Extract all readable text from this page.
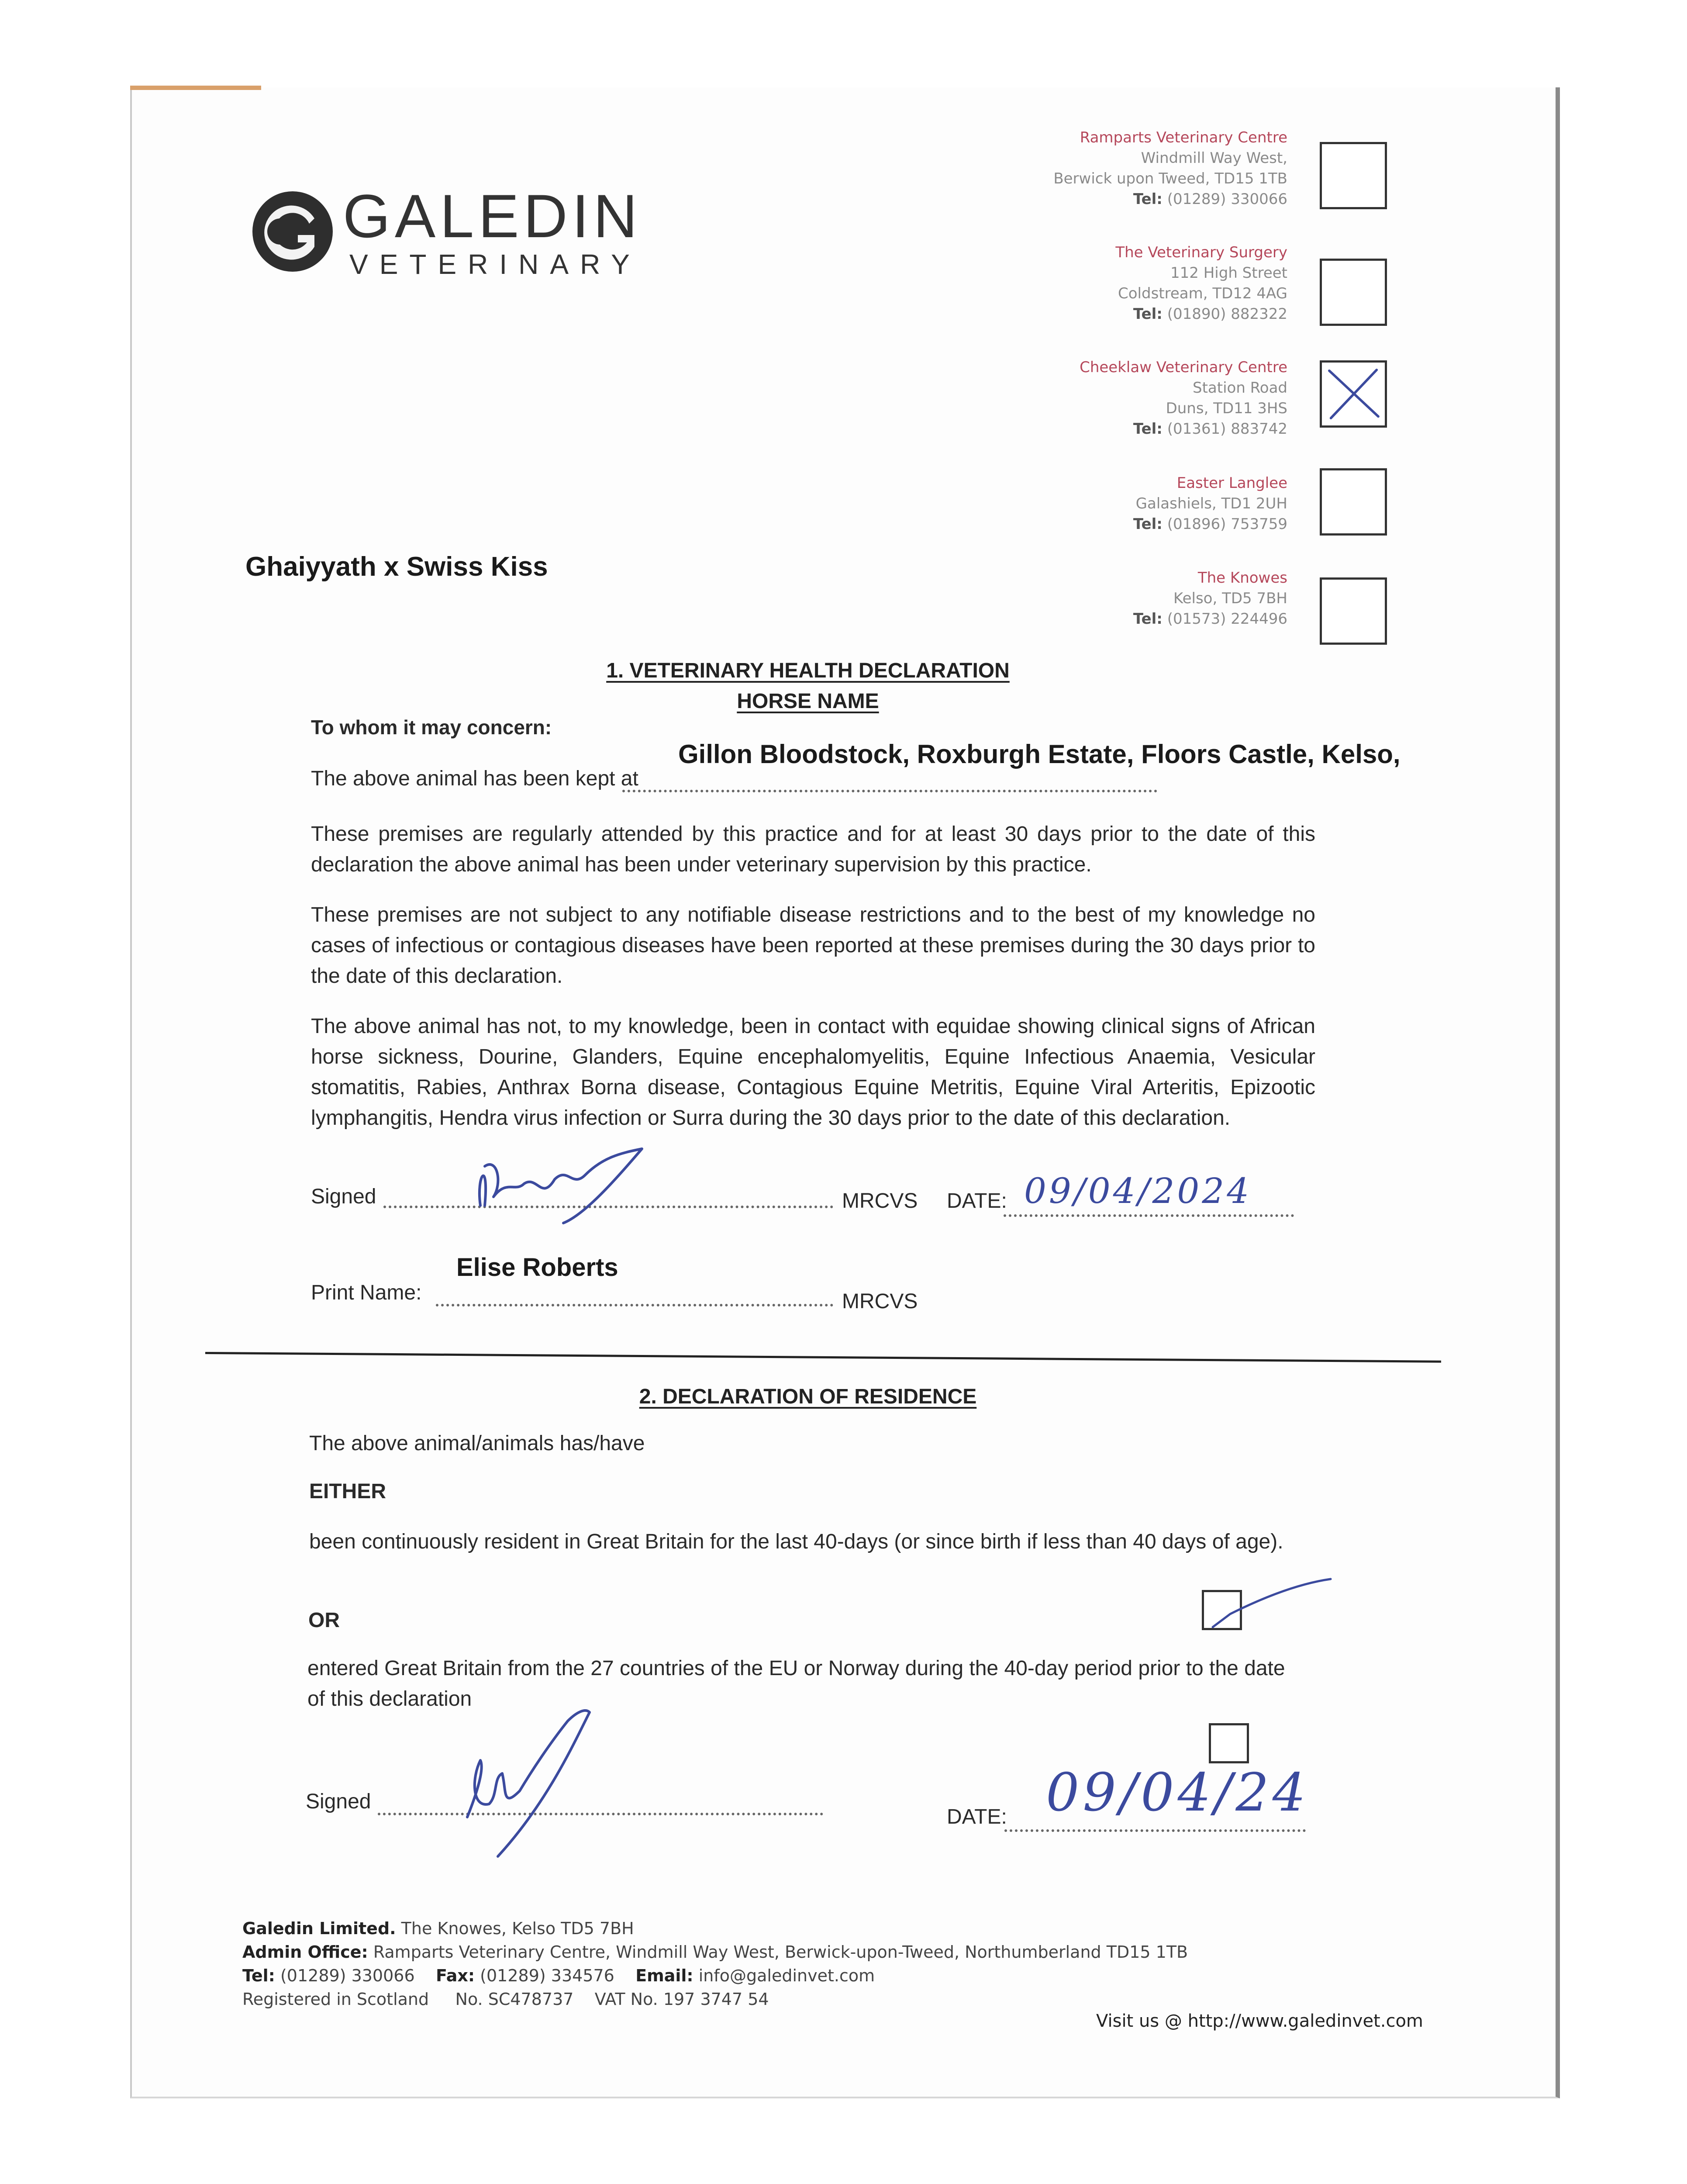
GALEDIN
VETERINARY
Ramparts Veterinary Centre
Windmill Way West,
Berwick upon Tweed, TD15 1TB
Tel: (01289) 330066
The Veterinary Surgery
112 High Street
Coldstream, TD12 4AG
Tel: (01890) 882322
Cheeklaw Veterinary Centre
Station Road
Duns, TD11 3HS
Tel: (01361) 883742
Easter Langlee
Galashiels, TD1 2UH
Tel: (01896) 753759
The Knowes
Kelso, TD5 7BH
Tel: (01573) 224496
Ghaiyyath x Swiss Kiss
1. VETERINARY HEALTH DECLARATION
HORSE NAME
To whom it may concern:
Gillon Bloodstock, Roxburgh Estate, Floors Castle, Kelso,
The above animal has been kept at
These premises are regularly attended by this practice and for at least 30 days prior to the date of this declaration the above animal has been under veterinary supervision by this practice.
These premises are not subject to any notifiable disease restrictions and to the best of my knowledge no cases of infectious or contagious diseases have been reported at these premises during the 30 days prior to the date of this declaration.
The above animal has not, to my knowledge, been in contact with equidae showing clinical signs of African horse sickness, Dourine, Glanders, Equine encephalomyelitis, Equine Infectious Anaemia, Vesicular stomatitis, Rabies, Anthrax Borna disease, Contagious Equine Metritis, Equine Viral Arteritis, Epizootic lymphangitis, Hendra virus infection or Surra during the 30 days prior to the date of this declaration.
Signed	MRCVS DATE: 09/04/2024
Elise Roberts
Print Name:	MRCVS
2. DECLARATION OF RESIDENCE
The above animal/animals has/have
EITHER
been continuously resident in Great Britain for the last 40-days (or since birth if less than 40 days of age).
OR
entered Great Britain from the 27 countries of the EU or Norway during the 40-day period prior to the date of this declaration
Signed
DATE: 09/04/24
Galedin Limited. The Knowes, Kelso TD5 7BH
Admin Office: Ramparts Veterinary Centre, Windmill Way West, Berwick-upon-Tweed, Northumberland TD15 1TB
Tel: (01289) 330066 Fax: (01289) 334576 Email: info@galedinvet.com
Registered in Scotland No. SC478737 VAT No. 197 3747 54
Visit us @ http://www.galedinvet.com
